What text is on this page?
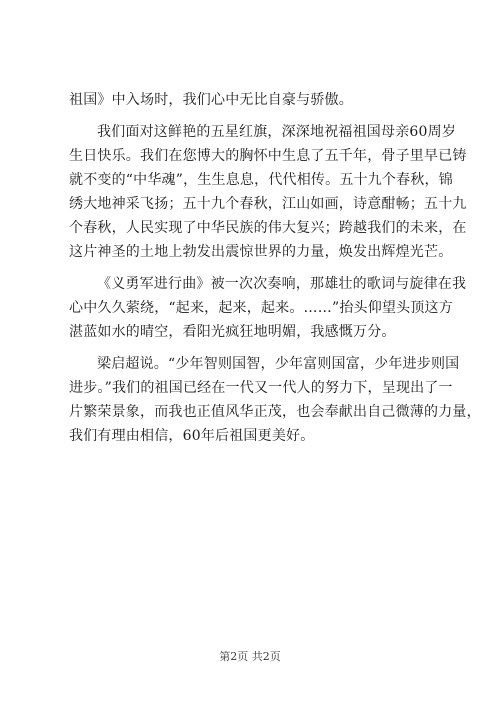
祖国》中入场时，我们心中无比自豪与骄傲。
我们面对这鲜艳的五星红旗，深深地祝福祖国母亲60周岁
生日快乐。我们在您博大的胸怀中生息了五千年，骨子里早已铸
就不变的“中华魂”，生生息息，代代相传。五十九个春秋，锦
绣大地神采飞扬；五十九个春秋，江山如画，诗意酣畅；五十九
个春秋，人民实现了中华民族的伟大复兴；跨越我们的未来，在
这片神圣的土地上勃发出震惊世界的力量，焕发出辉煌光芒。
《义勇军进行曲》被一次次奏响，那雄壮的歌词与旋律在我
心中久久萦绕，“起来，起来，起来。……”抬头仰望头顶这方
湛蓝如水的晴空，看阳光疯狂地明媚，我感慨万分。
梁启超说。“少年智则国智，少年富则国富，少年进步则国
进步。”我们的祖国已经在一代又一代人的努力下，呈现出了一
片繁荣景象，而我也正值风华正茂，也会奉献出自己微薄的力量，
我们有理由相信，60年后祖国更美好。
第2页 共2页
